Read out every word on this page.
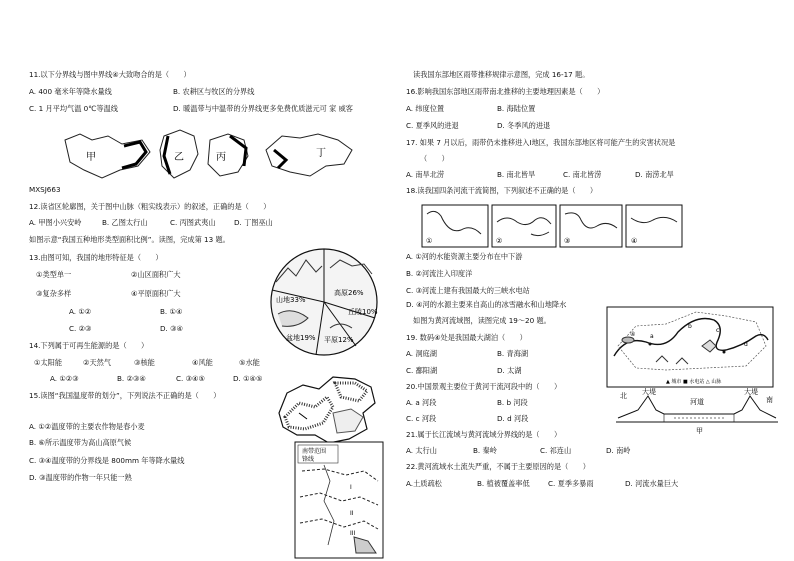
11.以下分界线与图中界线④大致吻合的是（　　）
A. 400 毫米年等降水量线	B. 农耕区与牧区的分界线
C. 1 月平均气温 0℃等温线	D. 暖温带与中温带的分界线更多免费优质滋元可 家 威客
甲	乙	丙	丁
MXSJ663
12.读省区轮廓图，关于图中山脉（粗实线表示）的叙述，正确的是（　　）
A. 甲图小兴安岭	B. 乙图太行山	C. 丙图武夷山	D. 丁图巫山
如图示意“我国五种地形类型面积比例”。读图，完成第 13 题。
13.由图可知，我国的地形特征是（　　）
①类型单一	②山区面积广大
③复杂多样	④平原面积广大
A. ①②	B. ①④
C. ②③	D. ③④
山地33%
高原26%
丘陵10%
平原12%
盆地19%
14.下列属于可再生能源的是（　　）
①太阳能	②天然气	③核能	④风能	⑤水能
A. ①②③	B. ②③④	C. ③④⑤	D. ①④⑤
15.读图“我国温度带的划分”，下列说法不正确的是（　　）
A. ①②温度带的主要农作物是春小麦
B. ⑥所示温度带为高山高原气候
C. ③④温度带的分界线是 800mm 年等降水量线
D. ③温度带的作物一年只能一熟
南带范围
锋线
I
II
III
读我国东部地区雨带推移规律示意图，完成 16-17 题。
16.影响我国东部地区雨带南北推移的主要地理因素是（　　）
A. 纬度位置	B. 海陆位置
C. 夏季风的进退	D. 冬季风的进退
17. 如果 7 月以后，雨带仍未推移进入Ⅰ地区，我国东部地区将可能产生的灾害状况是
（　　）
A. 南旱北涝	B. 南北皆旱	C. 南北皆涝	D. 南涝北旱
18.读我国四条河流干流简图，下列叙述不正确的是（　　）
①	②	③	④
A. ①河的水能资源主要分布在中下游
B. ②河流注入印度洋
C. ③河流上建有我国最大的三峡水电站
D. ④河的水源主要来自高山的冰雪融水和山地降水
如图为黄河流域图，读图完成 19～20 题。
19. 数码④处是我国最大湖泊（　　）
A. 洞庭湖	B. 青海湖
C. 鄱阳湖	D. 太湖
20.中国景观主要位于黄河干流河段中的（　　）
A. a 河段	B. b 河段
C. c 河段	D. d 河段
④ a
b
c
d
▲ 城市 ■ 水电站 △ 山脉
北 大堤
河道
大堤
南
甲
21.属于长江流域与黄河流域分界线的是（　　）
A. 太行山	B. 秦岭	C. 祁连山	D. 南岭
22.黄河流域水土流失严重，不属于主要原因的是（　　）
A.土质疏松	B. 植被覆盖率低	C. 夏季多暴雨	D. 河流水量巨大
